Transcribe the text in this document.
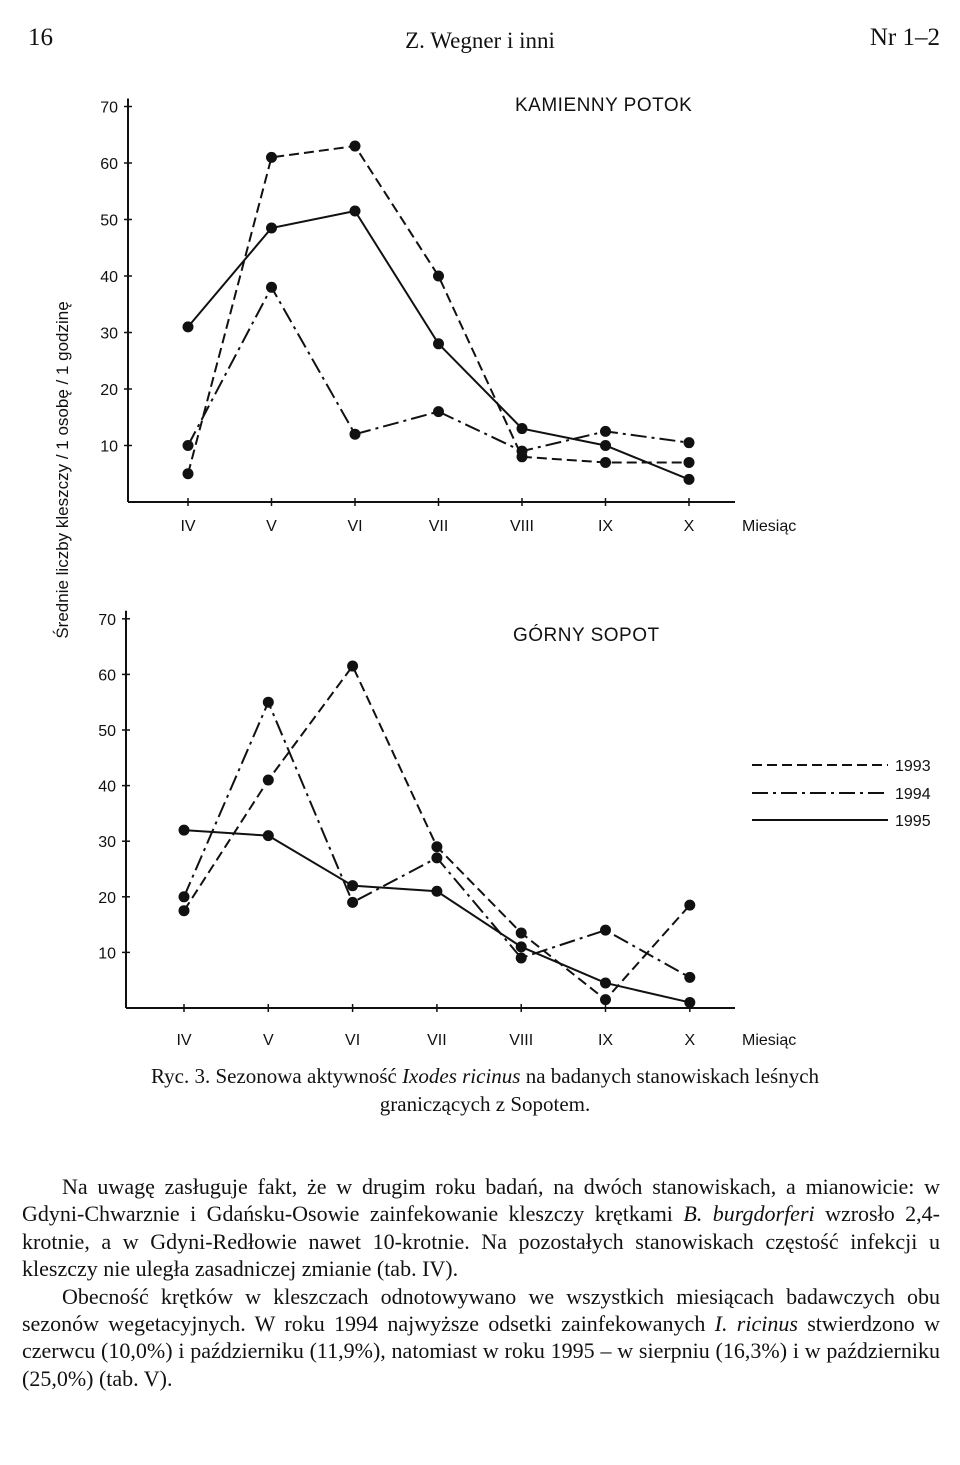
16	Z. Wegner i inni	Nr 1–2
KAMIENNY POTOK
10
20
30
40
50
60
70
IV	V	VI	VII	VIII	IX	X	Miesiąc
GÓRNY SOPOT
10
20
30
40
50
60
70
IV	V	VI	VII	VIII	IX	X	Miesiąc
Średnie liczby kleszczy / 1 osobę / 1 godzinę
1993
1994
1995
Ryc. 3. Sezonowa aktywność Ixodes ricinus na badanych stanowiskach leśnych graniczących z Sopotem.

Na uwagę zasługuje fakt, że w drugim roku badań, na dwóch stanowiskach, a mianowicie: w Gdyni-Chwarznie i Gdańsku-Osowie zainfekowanie kleszczy krętkami B. burgdorferi wzrosło 2,4-krotnie, a w Gdyni-Redłowie nawet 10-krotnie. Na pozostałych stanowiskach częstość infekcji u kleszczy nie uległa zasadniczej zmianie (tab. IV).

Obecność krętków w kleszczach odnotowywano we wszystkich miesiącach badawczych obu sezonów wegetacyjnych. W roku 1994 najwyższe odsetki zainfekowanych I. ricinus stwierdzono w czerwcu (10,0%) i październiku (11,9%), natomiast w roku 1995 – w sierpniu (16,3%) i w październiku (25,0%) (tab. V).
